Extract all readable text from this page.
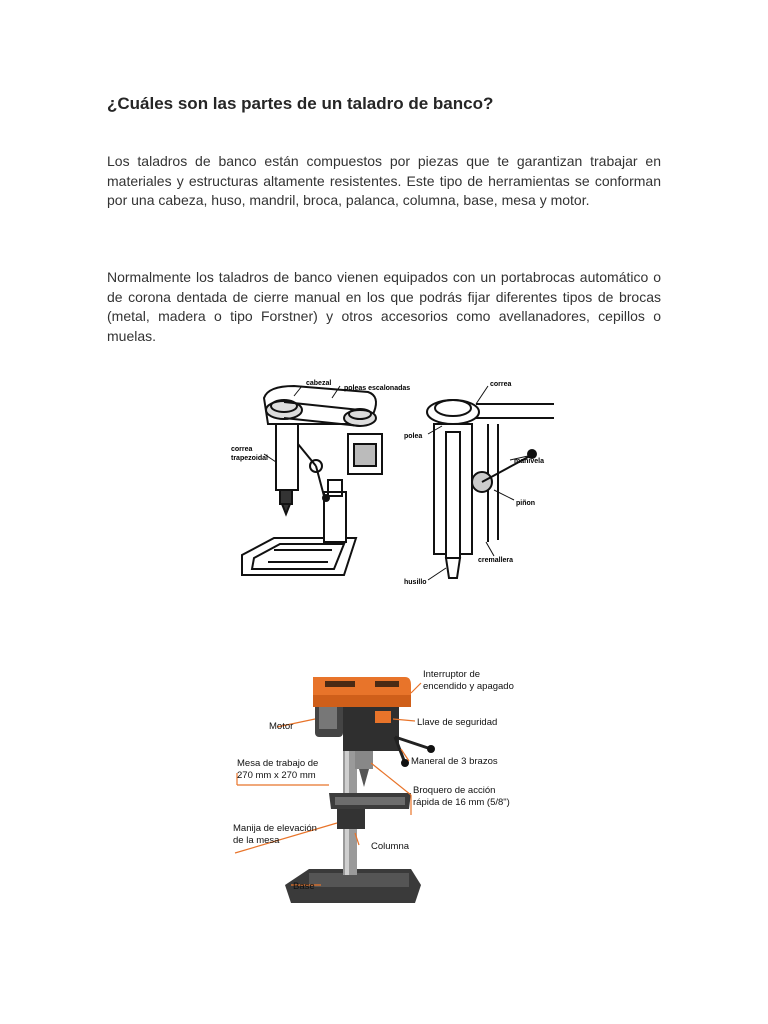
¿Cuáles son las partes de un taladro de banco?

Los taladros de banco están compuestos por piezas que te garantizan trabajar en materiales y estructuras altamente resistentes. Este tipo de herramientas se conforman por una cabeza, huso, mandril, broca, palanca, columna, base, mesa y motor.

Normalmente los taladros de banco vienen equipados con un portabrocas automático o de corona dentada de cierre manual en los que podrás fijar diferentes tipos de brocas (metal, madera o tipo Forstner) y otros accesorios como avellanadores, cepillos o muelas.

cabezal
poleas escalonadas
correa
trapezoidal
correa
polea
manivela
piñon
cremallera
husillo
Interruptor de
encendido y apagado
Motor	Llave de seguridad
Maneral de 3 brazos
Mesa de trabajo de
270 mm x 270 mm
Broquero de acción
rápida de 16 mm (5/8")
Manija de elevación
de la mesa
Columna
Base
